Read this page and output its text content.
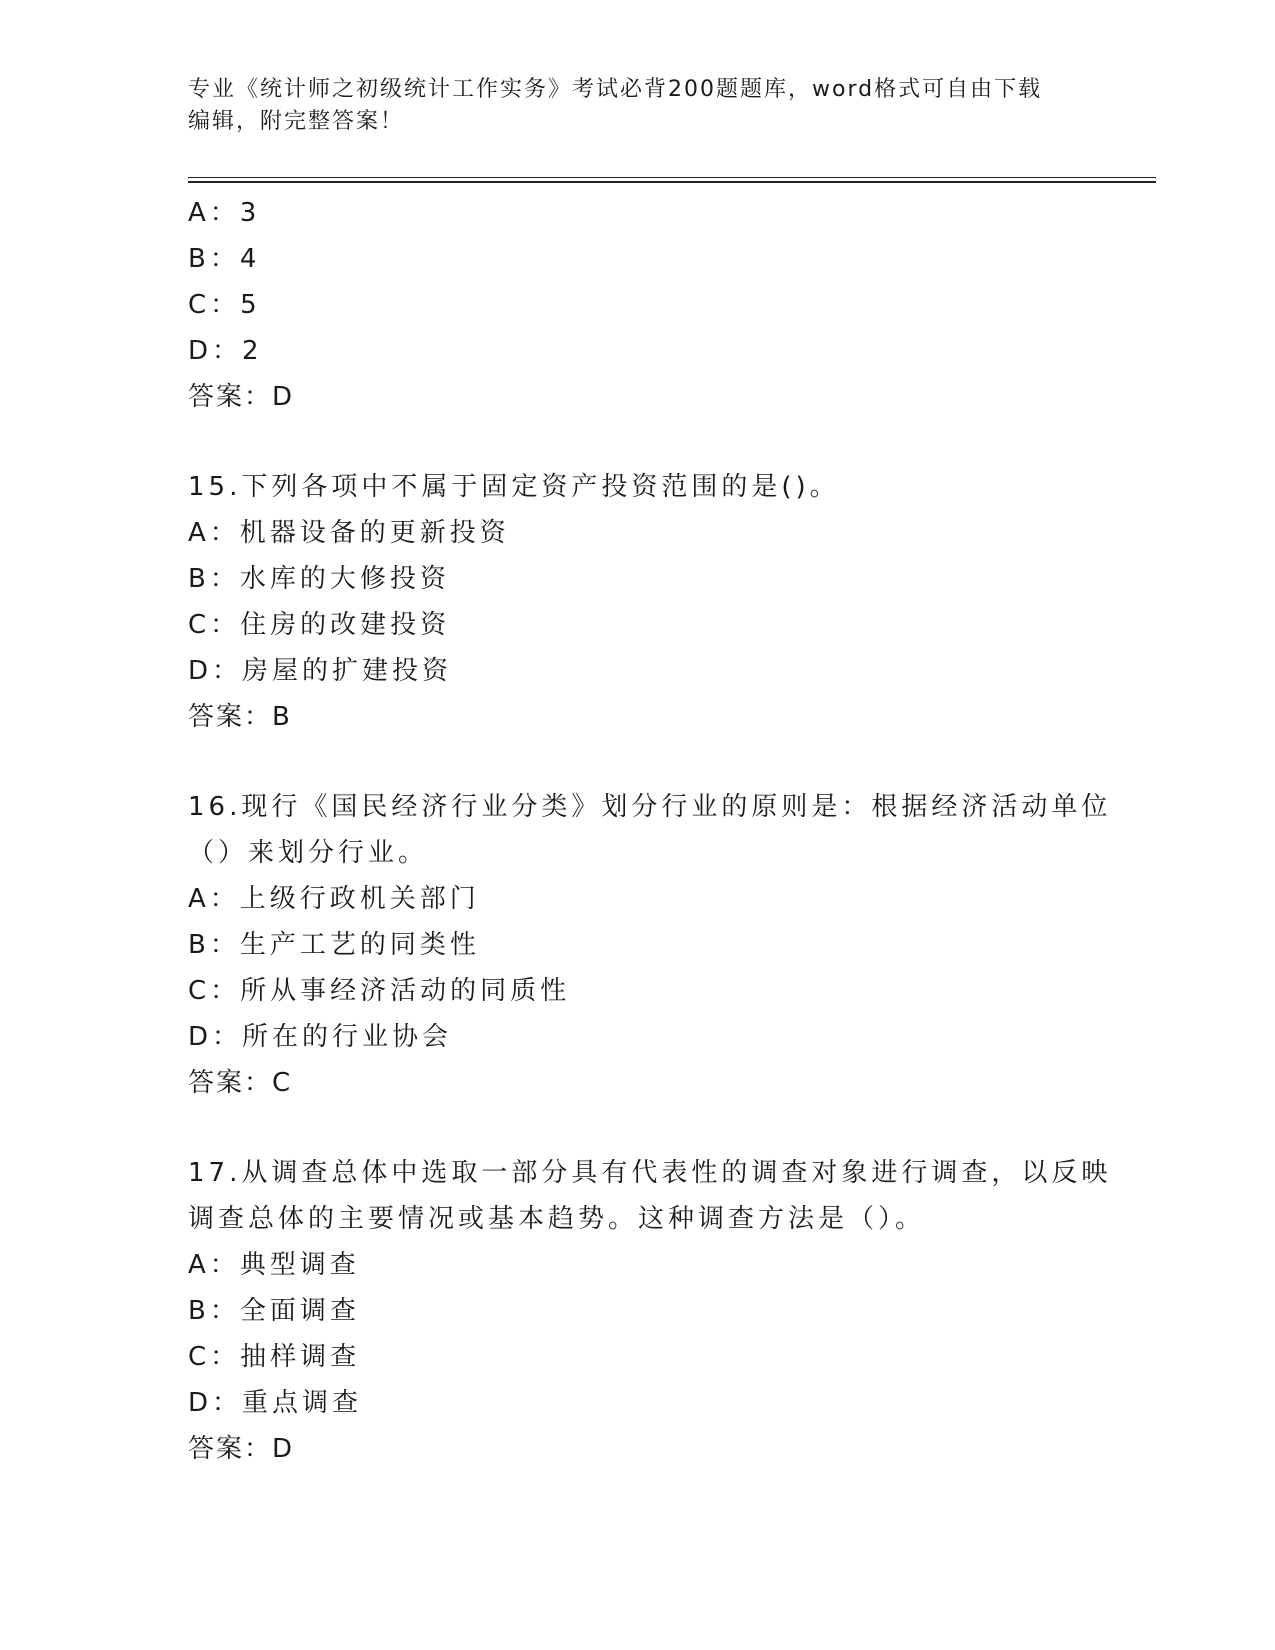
专业《统计师之初级统计工作实务》考试必背200题题库，word格式可自由下载
编辑，附完整答案！
A：3
B：4
C：5
D：2
答案：D
15.下列各项中不属于固定资产投资范围的是()。
A：机器设备的更新投资
B：水库的大修投资
C：住房的改建投资
D：房屋的扩建投资
答案：B
16.现行《国民经济行业分类》划分行业的原则是：根据经济活动单位
（）来划分行业。
A：上级行政机关部门
B：生产工艺的同类性
C：所从事经济活动的同质性
D：所在的行业协会
答案：C
17.从调查总体中选取一部分具有代表性的调查对象进行调查，以反映
调查总体的主要情况或基本趋势。这种调查方法是（）。
A：典型调查
B：全面调查
C：抽样调查
D：重点调查
答案：D
